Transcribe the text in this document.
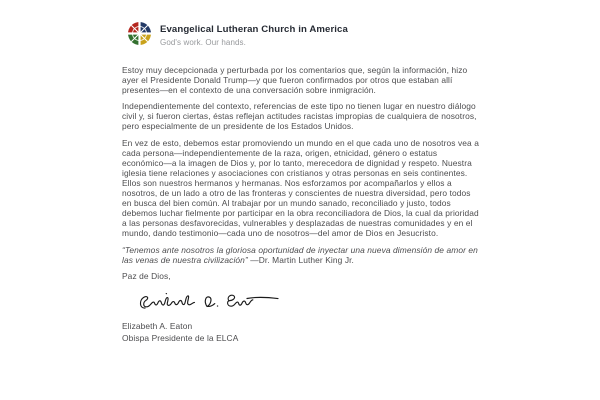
Evangelical Lutheran Church in America
God's work. Our hands.

Estoy muy decepcionada y perturbada por los comentarios que, según la información, hizo ayer el Presidente Donald Trump—y que fueron confirmados por otros que estaban allí presentes—en el contexto de una conversación sobre inmigración.

Independientemente del contexto, referencias de este tipo no tienen lugar en nuestro diálogo civil y, si fueron ciertas, éstas reflejan actitudes racistas impropias de cualquiera de nosotros, pero especialmente de un presidente de los Estados Unidos.

En vez de esto, debemos estar promoviendo un mundo en el que cada uno de nosotros vea a cada persona—independientemente de la raza, origen, etnicidad, género o estatus económico—a la imagen de Dios y, por lo tanto, merecedora de dignidad y respeto. Nuestra iglesia tiene relaciones y asociaciones con cristianos y otras personas en seis continentes. Ellos son nuestros hermanos y hermanas. Nos esforzamos por acompañarlos y ellos a nosotros, de un lado a otro de las fronteras y conscientes de nuestra diversidad, pero todos en busca del bien común. Al trabajar por un mundo sanado, reconciliado y justo, todos debemos luchar fielmente por participar en la obra reconciliadora de Dios, la cual da prioridad a las personas desfavorecidas, vulnerables y desplazadas de nuestras comunidades y en el mundo, dando testimonio—cada uno de nosotros—del amor de Dios en Jesucristo.

“Tenemos ante nosotros la gloriosa oportunidad de inyectar una nueva dimensión de amor en las venas de nuestra civilización” —Dr. Martin Luther King Jr.

Paz de Dios,

Elizabeth A. Eaton
Obispa Presidente de la ELCA
